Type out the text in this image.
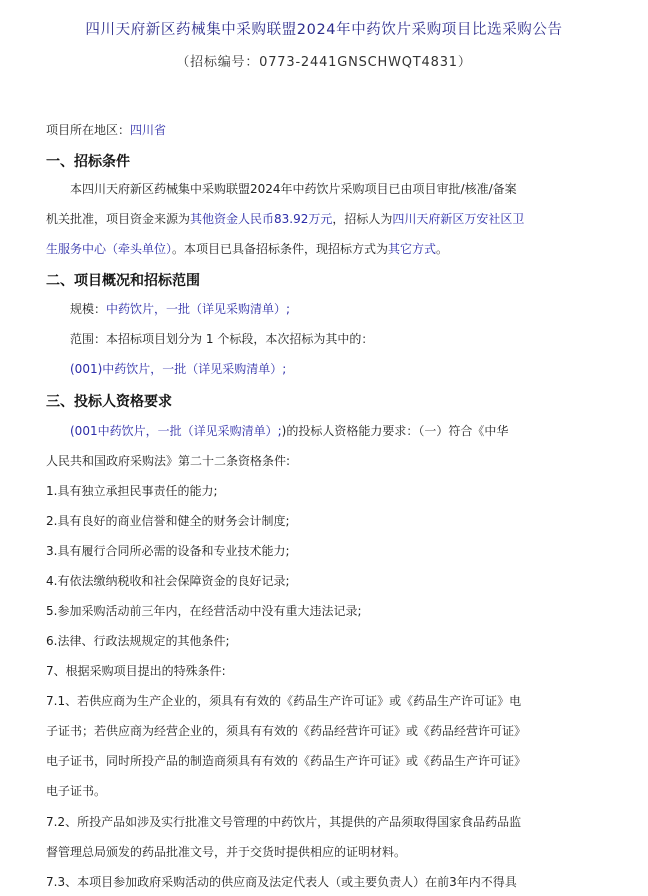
四川天府新区药械集中采购联盟2024年中药饮片采购项目比选采购公告
（招标编号：0773-2441GNSCHWQT4831）
项目所在地区：四川省
一、招标条件
本四川天府新区药械集中采购联盟2024年中药饮片采购项目已由项目审批/核准/备案
机关批准，项目资金来源为其他资金人民币83.92万元，招标人为四川天府新区万安社区卫
生服务中心（牵头单位）。本项目已具备招标条件，现招标方式为其它方式。
二、项目概况和招标范围
规模：中药饮片，一批（详见采购清单）;
范围：本招标项目划分为 1 个标段，本次招标为其中的：
(001)中药饮片，一批（详见采购清单）;
三、投标人资格要求
(001中药饮片，一批（详见采购清单）;)的投标人资格能力要求：（一）符合《中华
人民共和国政府采购法》第二十二条资格条件:
1.具有独立承担民事责任的能力;
2.具有良好的商业信誉和健全的财务会计制度;
3.具有履行合同所必需的设备和专业技术能力;
4.有依法缴纳税收和社会保障资金的良好记录;
5.参加采购活动前三年内，在经营活动中没有重大违法记录;
6.法律、行政法规规定的其他条件;
7、根据采购项目提出的特殊条件:
7.1、若供应商为生产企业的，须具有有效的《药品生产许可证》或《药品生产许可证》电
子证书；若供应商为经营企业的，须具有有效的《药品经营许可证》或《药品经营许可证》
电子证书，同时所投产品的制造商须具有有效的《药品生产许可证》或《药品生产许可证》
电子证书。
7.2、所投产品如涉及实行批准文号管理的中药饮片，其提供的产品须取得国家食品药品监
督管理总局颁发的药品批准文号，并于交货时提供相应的证明材料。
7.3、本项目参加政府采购活动的供应商及法定代表人（或主要负责人）在前3年内不得具
